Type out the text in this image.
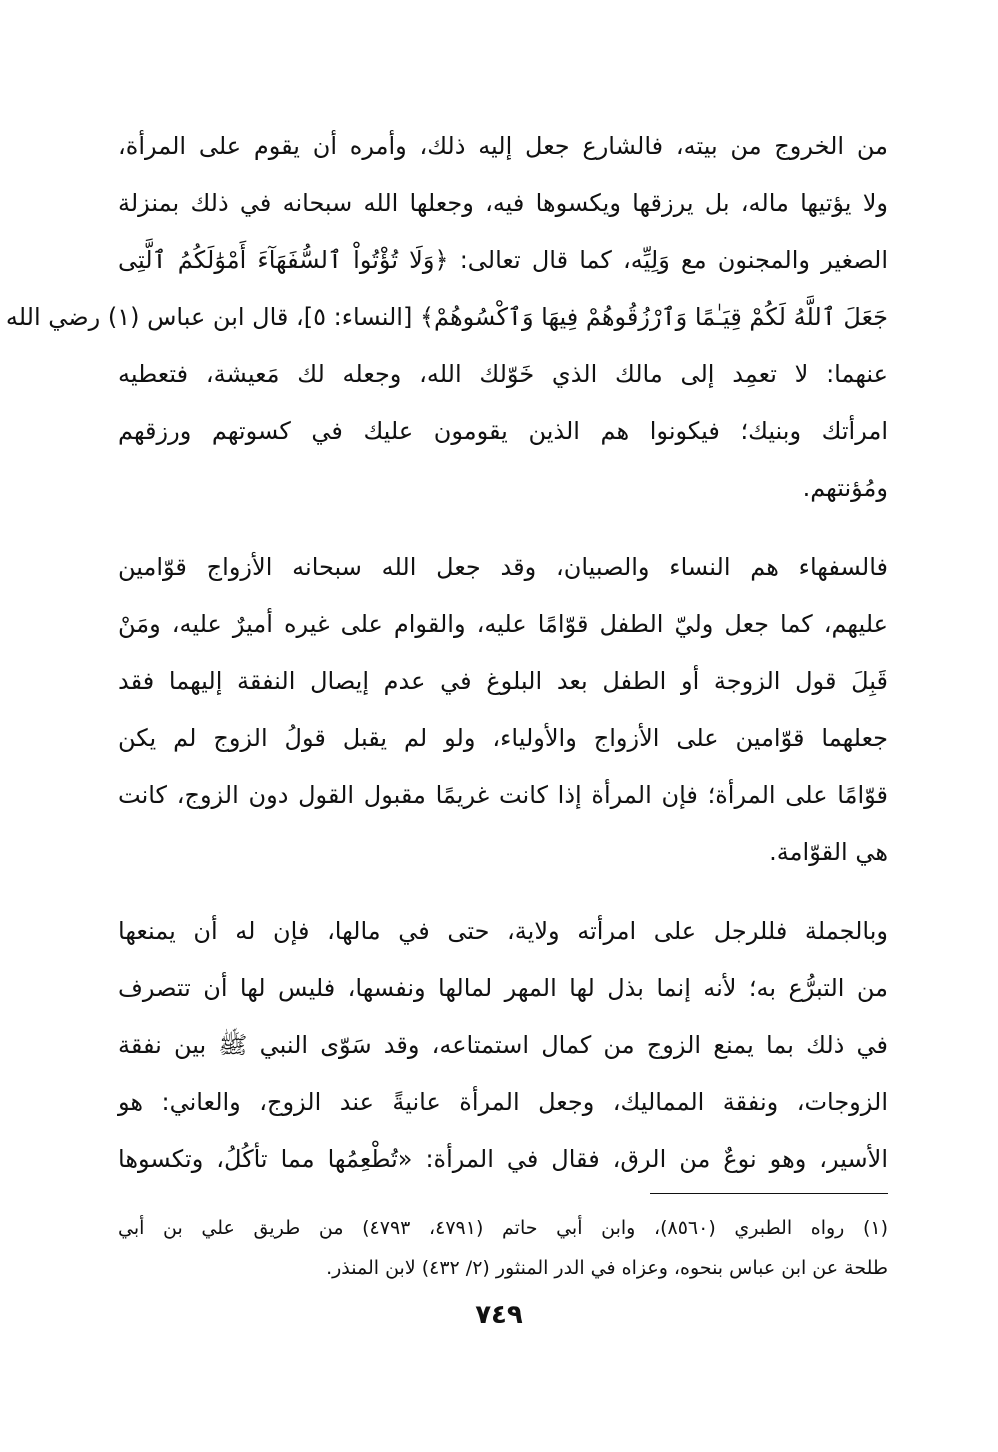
من الخروج من بيته، فالشارع جعل إليه ذلك، وأمره أن يقوم على المرأة،
ولا يؤتيها ماله، بل يرزقها ويكسوها فيه، وجعلها الله سبحانه في ذلك بمنزلة
الصغير والمجنون مع وَلِيِّه، كما قال تعالى: ﴿وَلَا تُؤْتُواْ ٱلسُّفَهَآءَ أَمْوَٰلَكُمُ ٱلَّتِى
جَعَلَ ٱللَّهُ لَكُمْ قِيَـٰمًا وَٱرْزُقُوهُمْ فِيهَا وَٱكْسُوهُمْ﴾ [النساء: ٥]، قال ابن عباس (١) رضي الله
عنهما: لا تعمِد إلى مالك الذي خَوّلك الله، وجعله لك مَعيشة، فتعطيه
امرأتك وبنيك؛ فيكونوا هم الذين يقومون عليك في كسوتهم ورزقهم
ومُؤنتهم.

فالسفهاء هم النساء والصبيان، وقد جعل الله سبحانه الأزواج قوّامين
عليهم، كما جعل وليّ الطفل قوّامًا عليه، والقوام على غيره أميرٌ عليه، ومَنْ
قَبِلَ قول الزوجة أو الطفل بعد البلوغ في عدم إيصال النفقة إليهما فقد
جعلهما قوّامين على الأزواج والأولياء، ولو لم يقبل قولُ الزوج لم يكن
قوّامًا على المرأة؛ فإن المرأة إذا كانت غريمًا مقبول القول دون الزوج، كانت
هي القوّامة.

وبالجملة فللرجل على امرأته ولاية، حتى في مالها، فإن له أن يمنعها
من التبرُّع به؛ لأنه إنما بذل لها المهر لمالها ونفسها، فليس لها أن تتصرف
في ذلك بما يمنع الزوج من كمال استمتاعه، وقد سَوّى النبي ﷺ بين نفقة
الزوجات، ونفقة المماليك، وجعل المرأة عانيةً عند الزوج، والعاني: هو
الأسير، وهو نوعٌ من الرق، فقال في المرأة: «تُطْعِمُها مما تأكُلُ، وتكسوها

(١) رواه الطبري (٨٥٦٠)، وابن أبي حاتم (٤٧٩١، ٤٧٩٣) من طريق علي بن أبي
طلحة عن ابن عباس بنحوه، وعزاه في الدر المنثور (٢/ ٤٣٢) لابن المنذر.
٧٤٩
